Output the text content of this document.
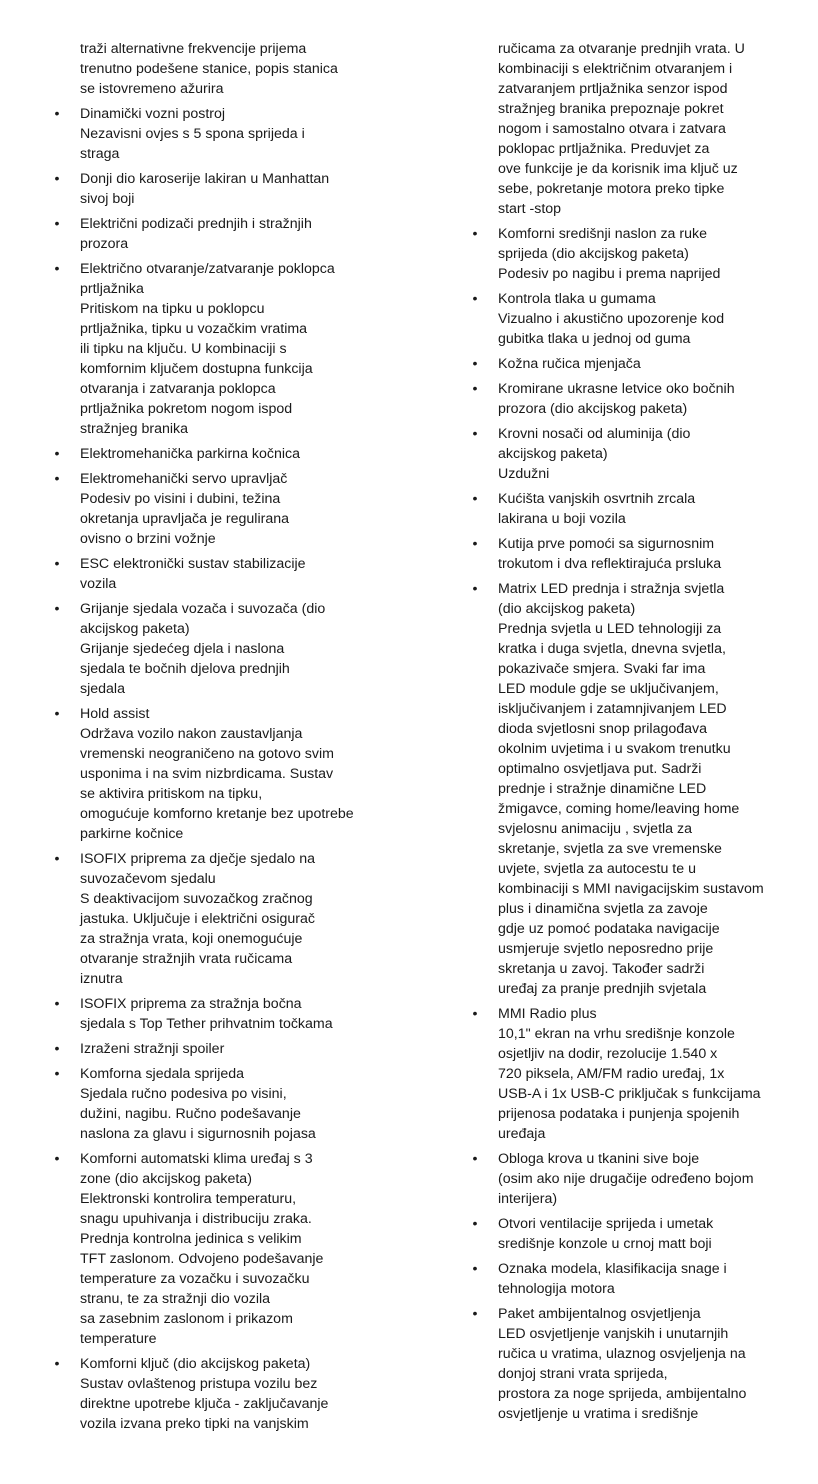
traži alternativne frekvencije prijema
trenutno podešene stanice, popis stanica
se istovremeno ažurira
• Dinamički vozni postroj
Nezavisni ovjes s 5 spona sprijeda i
straga
• Donji dio karoserije lakiran u Manhattan
sivoj boji
• Električni podizači prednjih i stražnjih
prozora
• Električno otvaranje/zatvaranje poklopca
prtljažnika
Pritiskom na tipku u poklopcu
prtljažnika, tipku u vozačkim vratima
ili tipku na ključu. U kombinaciji s
komfornim ključem dostupna funkcija
otvaranja i zatvaranja poklopca
prtljažnika pokretom nogom ispod
stražnjeg branika
• Elektromehanička parkirna kočnica
• Elektromehanički servo upravljač
Podesiv po visini i dubini, težina
okretanja upravljača je regulirana
ovisno o brzini vožnje
• ESC elektronički sustav stabilizacije
vozila
• Grijanje sjedala vozača i suvozača (dio
akcijskog paketa)
Grijanje sjedećeg djela i naslona
sjedala te bočnih djelova prednjih
sjedala
• Hold assist
Održava vozilo nakon zaustavljanja
vremenski neograničeno na gotovo svim
usponima i na svim nizbrdicama. Sustav
se aktivira pritiskom na tipku,
omogućuje komforno kretanje bez upotrebe
parkirne kočnice
• ISOFIX priprema za dječje sjedalo na
suvozačevom sjedalu
S deaktivacijom suvozačkog zračnog
jastuka. Uključuje i električni osigurač
za stražnja vrata, koji onemogućuje
otvaranje stražnjih vrata ručicama
iznutra
• ISOFIX priprema za stražnja bočna
sjedala s Top Tether prihvatnim točkama
• Izraženi stražnji spoiler
• Komforna sjedala sprijeda
Sjedala ručno podesiva po visini,
dužini, nagibu. Ručno podešavanje
naslona za glavu i sigurnosnih pojasa
• Komforni automatski klima uređaj s 3
zone (dio akcijskog paketa)
Elektronski kontrolira temperaturu,
snagu upuhivanja i distribuciju zraka.
Prednja kontrolna jedinica s velikim
TFT zaslonom. Odvojeno podešavanje
temperature za vozačku i suvozačku
stranu, te za stražnji dio vozila
sa zasebnim zaslonom i prikazom
temperature
• Komforni ključ (dio akcijskog paketa)
Sustav ovlaštenog pristupa vozilu bez
direktne upotrebe ključa - zaključavanje
vozila izvana preko tipki na vanjskim
ručicama za otvaranje prednjih vrata. U
kombinaciji s električnim otvaranjem i
zatvaranjem prtljažnika senzor ispod
stražnjeg branika prepoznaje pokret
nogom i samostalno otvara i zatvara
poklopac prtljažnika. Preduvjet za
ove funkcije je da korisnik ima ključ uz
sebe, pokretanje motora preko tipke
start -stop
• Komforni središnji naslon za ruke
sprijeda (dio akcijskog paketa)
Podesiv po nagibu i prema naprijed
• Kontrola tlaka u gumama
Vizualno i akustično upozorenje kod
gubitka tlaka u jednoj od guma
• Kožna ručica mjenjača
• Kromirane ukrasne letvice oko bočnih
prozora (dio akcijskog paketa)
• Krovni nosači od aluminija (dio
akcijskog paketa)
Uzdužni
• Kućišta vanjskih osvrtnih zrcala
lakirana u boji vozila
• Kutija prve pomoći sa sigurnosnim
trokutom i dva reflektirajuća prsluka
• Matrix LED prednja i stražnja svjetla
(dio akcijskog paketa)
Prednja svjetla u LED tehnologiji za
kratka i duga svjetla, dnevna svjetla,
pokazivače smjera. Svaki far ima
LED module gdje se uključivanjem,
isključivanjem i zatamnjivanjem LED
dioda svjetlosni snop prilagođava
okolnim uvjetima i u svakom trenutku
optimalno osvjetljava put. Sadrži
prednje i stražnje dinamične LED
žmigavce, coming home/leaving home
svjelosnu animaciju , svjetla za
skretanje, svjetla za sve vremenske
uvjete, svjetla za autocestu te u
kombinaciji s MMI navigacijskim sustavom
plus i dinamična svjetla za zavoje
gdje uz pomoć podataka navigacije
usmjeruje svjetlo neposredno prije
skretanja u zavoj. Također sadrži
uređaj za pranje prednjih svjetala
• MMI Radio plus
10,1" ekran na vrhu središnje konzole
osjetljiv na dodir, rezolucije 1.540 x
720 piksela, AM/FM radio uređaj, 1x
USB-A i 1x USB-C priključak s funkcijama
prijenosa podataka i punjenja spojenih
uređaja
• Obloga krova u tkanini sive boje
(osim ako nije drugačije određeno bojom
interijera)
• Otvori ventilacije sprijeda i umetak
središnje konzole u crnoj matt boji
• Oznaka modela, klasifikacija snage i
tehnologija motora
• Paket ambijentalnog osvjetljenja
LED osvjetljenje vanjskih i unutarnjih
ručica u vratima, ulaznog osvjeljenja na
donjoj strani vrata sprijeda,
prostora za noge sprijeda, ambijentalno
osvjetljenje u vratima i središnje
